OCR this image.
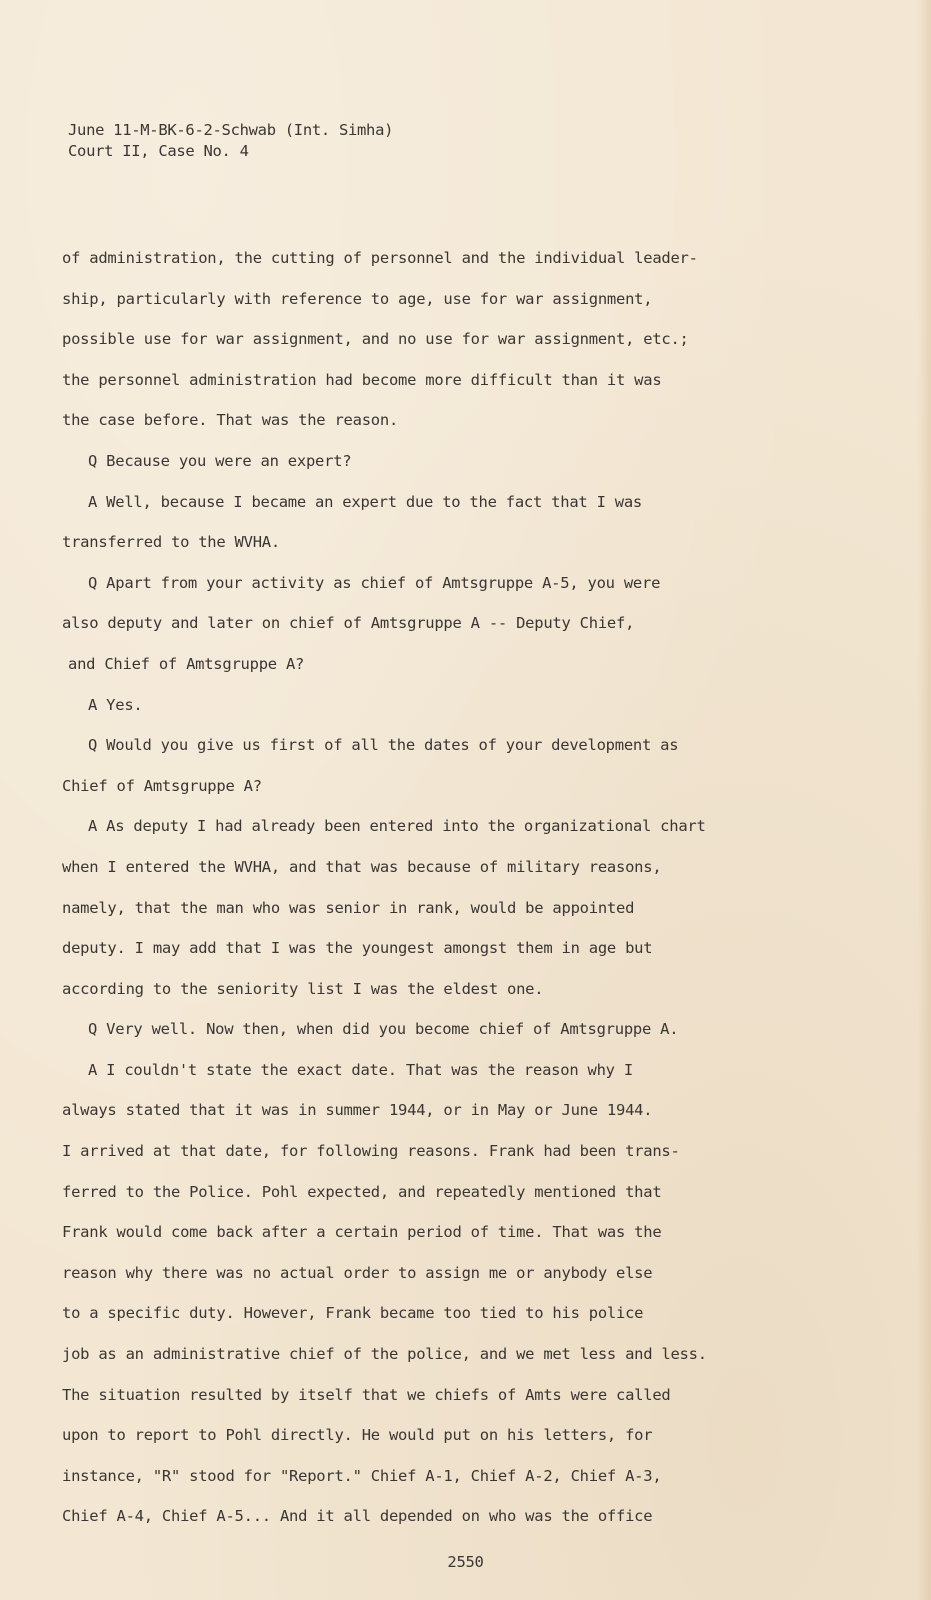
June 11-M-BK-6-2-Schwab (Int. Simha)
Court II, Case No. 4
of administration, the cutting of personnel and the individual leader-
ship, particularly with reference to age, use for war assignment,
possible use for war assignment, and no use for war assignment, etc.;
the personnel administration had become more difficult than it was
the case before. That was the reason.
Q Because you were an expert?
A Well, because I became an expert due to the fact that I was
transferred to the WVHA.
Q Apart from your activity as chief of Amtsgruppe A-5, you were
also deputy and later on chief of Amtsgruppe A -- Deputy Chief,
and Chief of Amtsgruppe A?
A Yes.
Q Would you give us first of all the dates of your development as
Chief of Amtsgruppe A?
A As deputy I had already been entered into the organizational chart
when I entered the WVHA, and that was because of military reasons,
namely, that the man who was senior in rank, would be appointed
deputy. I may add that I was the youngest amongst them in age but
according to the seniority list I was the eldest one.
Q Very well. Now then, when did you become chief of Amtsgruppe A.
A I couldn't state the exact date. That was the reason why I
always stated that it was in summer 1944, or in May or June 1944.
I arrived at that date, for following reasons. Frank had been trans-
ferred to the Police. Pohl expected, and repeatedly mentioned that
Frank would come back after a certain period of time. That was the
reason why there was no actual order to assign me or anybody else
to a specific duty. However, Frank became too tied to his police
job as an administrative chief of the police, and we met less and less.
The situation resulted by itself that we chiefs of Amts were called
upon to report to Pohl directly. He would put on his letters, for
instance, "R" stood for "Report." Chief A-1, Chief A-2, Chief A-3,
Chief A-4, Chief A-5... And it all depended on who was the office
2550
